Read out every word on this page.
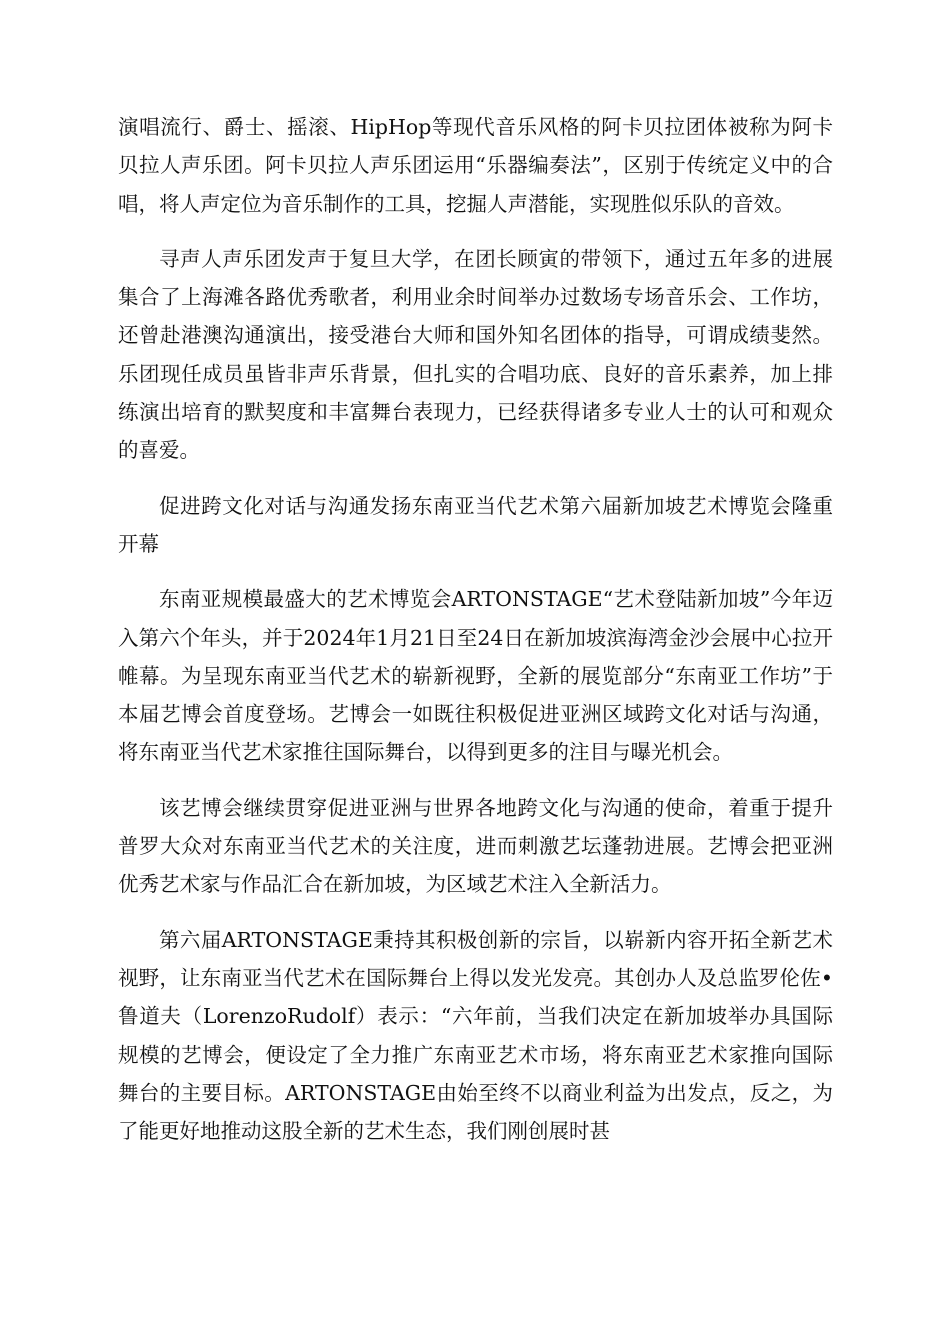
演唱流行、爵士、摇滚、HipHop等现代音乐风格的阿卡贝拉团体被称为阿卡贝拉人声乐团。阿卡贝拉人声乐团运用“乐器编奏法”，区别于传统定义中的合唱，将人声定位为音乐制作的工具，挖掘人声潜能，实现胜似乐队的音效。

寻声人声乐团发声于复旦大学，在团长顾寅的带领下，通过五年多的进展集合了上海滩各路优秀歌者，利用业余时间举办过数场专场音乐会、工作坊，还曾赴港澳沟通演出，接受港台大师和国外知名团体的指导，可谓成绩斐然。乐团现任成员虽皆非声乐背景，但扎实的合唱功底、良好的音乐素养，加上排练演出培育的默契度和丰富舞台表现力，已经获得诸多专业人士的认可和观众的喜爱。

促进跨文化对话与沟通发扬东南亚当代艺术第六届新加坡艺术博览会隆重开幕

东南亚规模最盛大的艺术博览会ARTONSTAGE“艺术登陆新加坡”今年迈入第六个年头，并于2024年1月21日至24日在新加坡滨海湾金沙会展中心拉开帷幕。为呈现东南亚当代艺术的崭新视野，全新的展览部分“东南亚工作坊”于本届艺博会首度登场。艺博会一如既往积极促进亚洲区域跨文化对话与沟通，将东南亚当代艺术家推往国际舞台，以得到更多的注目与曝光机会。

该艺博会继续贯穿促进亚洲与世界各地跨文化与沟通的使命，着重于提升普罗大众对东南亚当代艺术的关注度，进而刺激艺坛蓬勃进展。艺博会把亚洲优秀艺术家与作品汇合在新加坡，为区域艺术注入全新活力。

第六届ARTONSTAGE秉持其积极创新的宗旨，以崭新内容开拓全新艺术视野，让东南亚当代艺术在国际舞台上得以发光发亮。其创办人及总监罗伦佐•鲁道夫（LorenzoRudolf）表示：“六年前，当我们决定在新加坡举办具国际规模的艺博会，便设定了全力推广东南亚艺术市场，将东南亚艺术家推向国际舞台的主要目标。ARTONSTAGE由始至终不以商业利益为出发点，反之，为了能更好地推动这股全新的艺术生态，我们刚创展时甚
